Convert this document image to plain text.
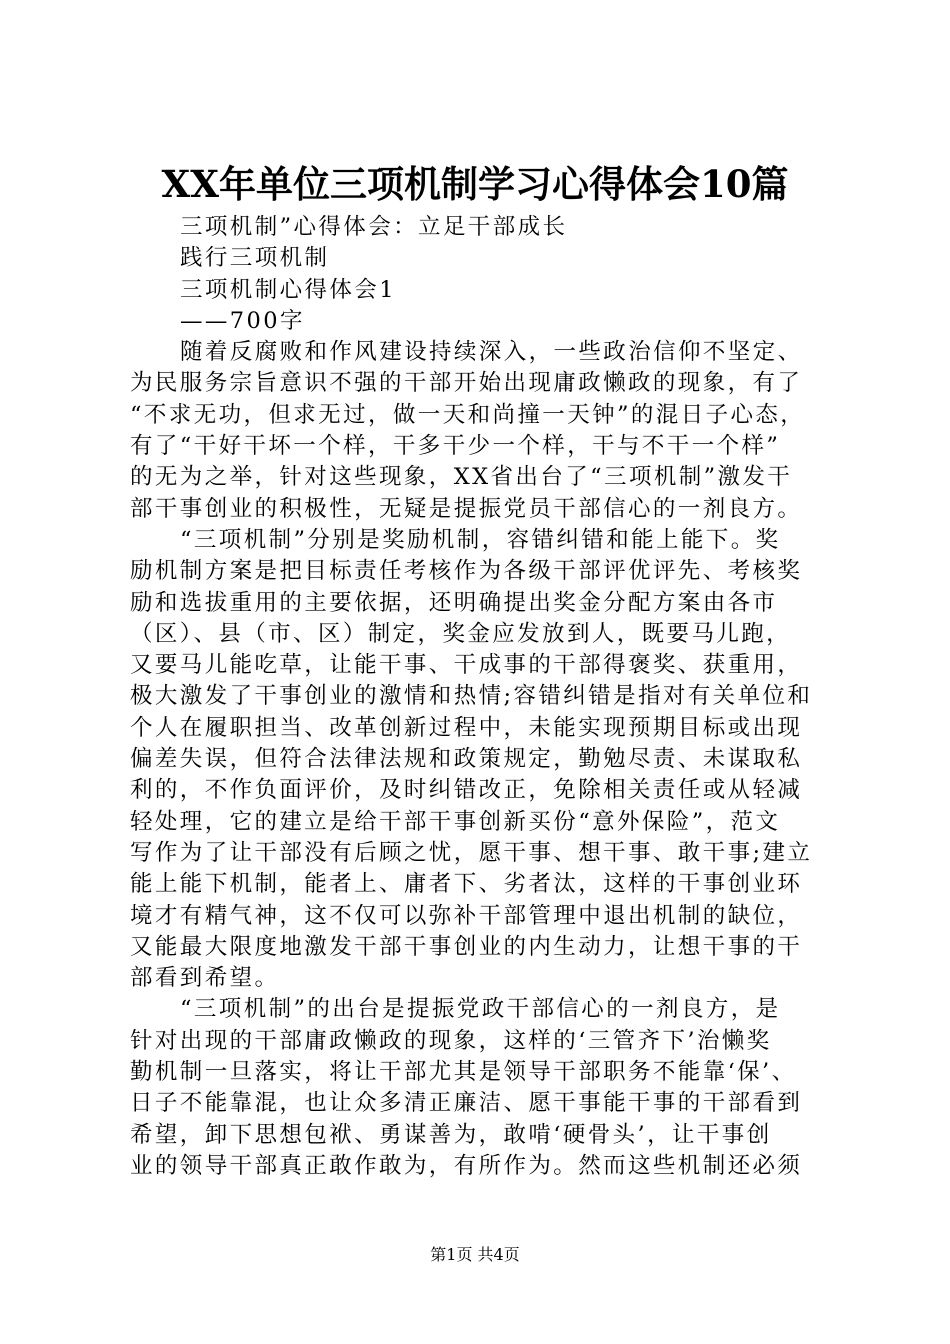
XX年单位三项机制学习心得体会10篇
三项机制”心得体会：立足干部成长
践行三项机制
三项机制心得体会1
——700字
随着反腐败和作风建设持续深入，一些政治信仰不坚定、
为民服务宗旨意识不强的干部开始出现庸政懒政的现象，有了
“不求无功，但求无过，做一天和尚撞一天钟”的混日子心态，
有了“干好干坏一个样，干多干少一个样，干与不干一个样”
的无为之举，针对这些现象，XX省出台了“三项机制”激发干
部干事创业的积极性，无疑是提振党员干部信心的一剂良方。
“三项机制”分别是奖励机制，容错纠错和能上能下。奖
励机制方案是把目标责任考核作为各级干部评优评先、考核奖
励和选拔重用的主要依据，还明确提出奖金分配方案由各市
（区）、县（市、区）制定，奖金应发放到人，既要马儿跑，
又要马儿能吃草，让能干事、干成事的干部得褒奖、获重用，
极大激发了干事创业的激情和热情;容错纠错是指对有关单位和
个人在履职担当、改革创新过程中，未能实现预期目标或出现
偏差失误，但符合法律法规和政策规定，勤勉尽责、未谋取私
利的，不作负面评价，及时纠错改正，免除相关责任或从轻减
轻处理，它的建立是给干部干事创新买份“意外保险”，范文
写作为了让干部没有后顾之忧，愿干事、想干事、敢干事;建立
能上能下机制，能者上、庸者下、劣者汰，这样的干事创业环
境才有精气神，这不仅可以弥补干部管理中退出机制的缺位，
又能最大限度地激发干部干事创业的内生动力，让想干事的干
部看到希望。
“三项机制”的出台是提振党政干部信心的一剂良方，是
针对出现的干部庸政懒政的现象，这样的‘三管齐下’治懒奖
勤机制一旦落实，将让干部尤其是领导干部职务不能靠‘保’、
日子不能靠混，也让众多清正廉洁、愿干事能干事的干部看到
希望，卸下思想包袱、勇谋善为，敢啃‘硬骨头’，让干事创
业的领导干部真正敢作敢为，有所作为。然而这些机制还必须
第1页 共4页
